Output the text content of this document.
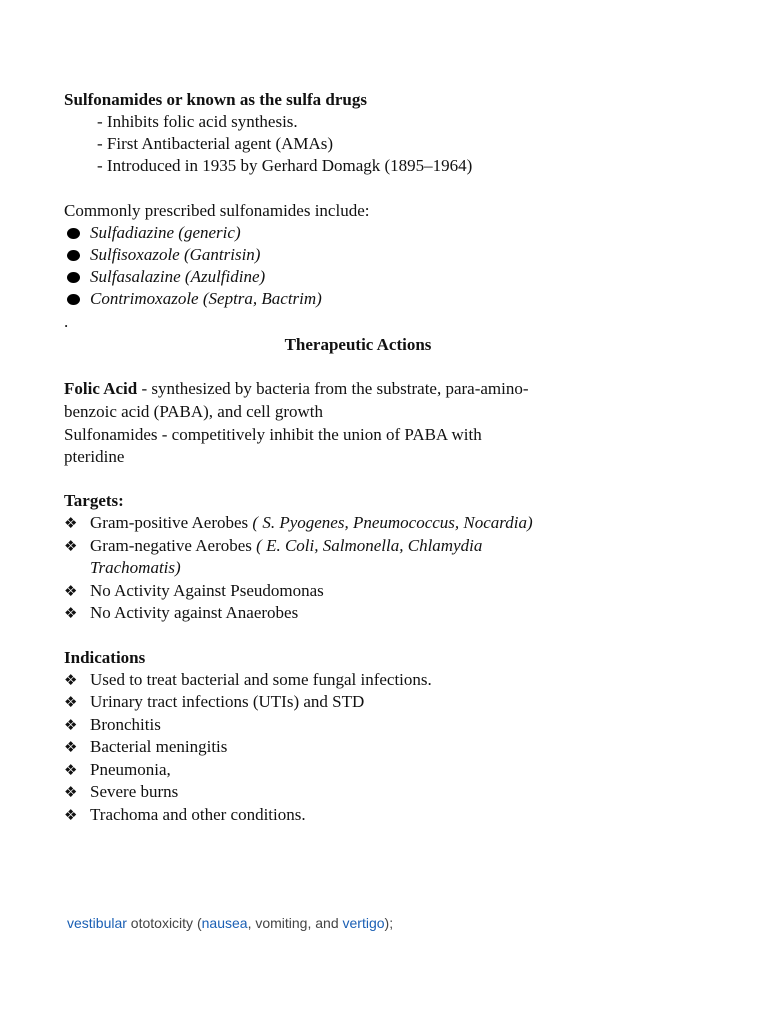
Sulfonamides or known as the sulfa drugs
- Inhibits folic acid synthesis.
- First Antibacterial agent (AMAs)
- Introduced in 1935 by Gerhard Domagk (1895–1964)
Commonly prescribed sulfonamides include:
Sulfadiazine (generic)
Sulfisoxazole (Gantrisin)
Sulfasalazine (Azulfidine)
Contrimoxazole (Septra, Bactrim)
.
Therapeutic Actions
Folic Acid - synthesized by bacteria from the substrate, para-amino-
benzoic acid (PABA), and cell growth
Sulfonamides - competitively inhibit the union of PABA with
pteridine
Targets:
❖ Gram-positive Aerobes ( S. Pyogenes, Pneumococcus, Nocardia)
❖ Gram-negative Aerobes ( E. Coli, Salmonella, Chlamydia
Trachomatis)
❖ No Activity Against Pseudomonas
❖ No Activity against Anaerobes
Indications
❖ Used to treat bacterial and some fungal infections.
❖ Urinary tract infections (UTIs) and STD
❖ Bronchitis
❖ Bacterial meningitis
❖ Pneumonia,
❖ Severe burns
❖ Trachoma and other conditions.
vestibular ototoxicity (nausea, vomiting, and vertigo);
